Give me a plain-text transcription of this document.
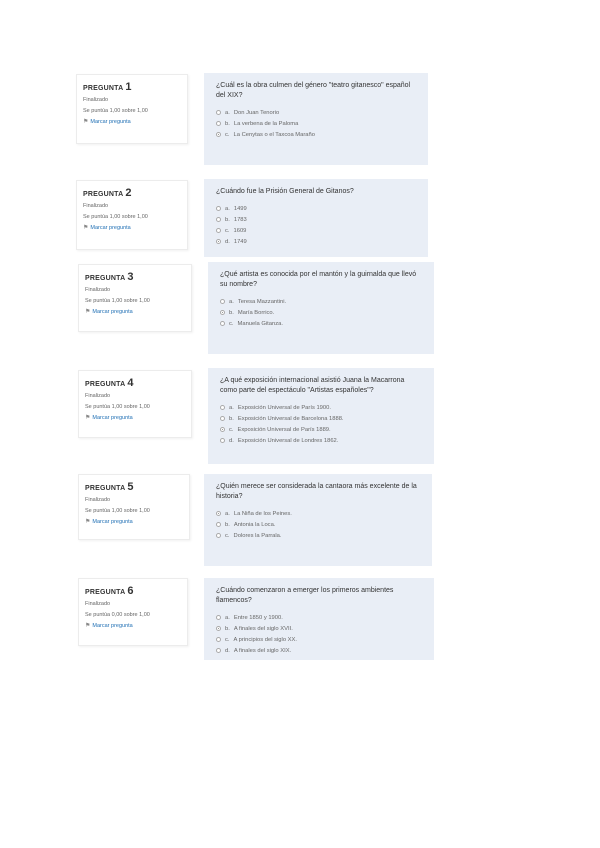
PREGUNTA 1
Finalizado
Se puntúa 1,00 sobre 1,00
⚑ Marcar pregunta
¿Cuál es la obra culmen del género "teatro gitanesco" español del XIX?
a. Don Juan Tenorio
b. La verbena de la Paloma
c. La Cenytas o el Taxcoa Maraño
PREGUNTA 2
Finalizado
Se puntúa 1,00 sobre 1,00
⚑ Marcar pregunta
¿Cuándo fue la Prisión General de Gitanos?
a. 1499
b. 1783
c. 1609
d. 1749
PREGUNTA 3
Finalizado
Se puntúa 1,00 sobre 1,00
⚑ Marcar pregunta
¿Qué artista es conocida por el mantón y la guirnalda que llevó su nombre?
a. Teresa Mazzantini.
b. María Borrico.
c. Manuela Gitanza.
PREGUNTA 4
Finalizado
Se puntúa 1,00 sobre 1,00
⚑ Marcar pregunta
¿A qué exposición internacional asistió Juana la Macarrona como parte del espectáculo "Artistas españoles"?
a. Exposición Universal de París 1900.
b. Exposición Universal de Barcelona 1888.
c. Exposición Universal de París 1889.
d. Exposición Universal de Londres 1862.
PREGUNTA 5
Finalizado
Se puntúa 1,00 sobre 1,00
⚑ Marcar pregunta
¿Quién merece ser considerada la cantaora más excelente de la historia?
a. La Niña de los Peines.
b. Antonia la Loca.
c. Dolores la Parrala.
PREGUNTA 6
Finalizado
Se puntúa 0,00 sobre 1,00
⚑ Marcar pregunta
¿Cuándo comenzaron a emerger los primeros ambientes flamencos?
a. Entre 1850 y 1900.
b. A finales del siglo XVII.
c. A principios del siglo XX.
d. A finales del siglo XIX.
